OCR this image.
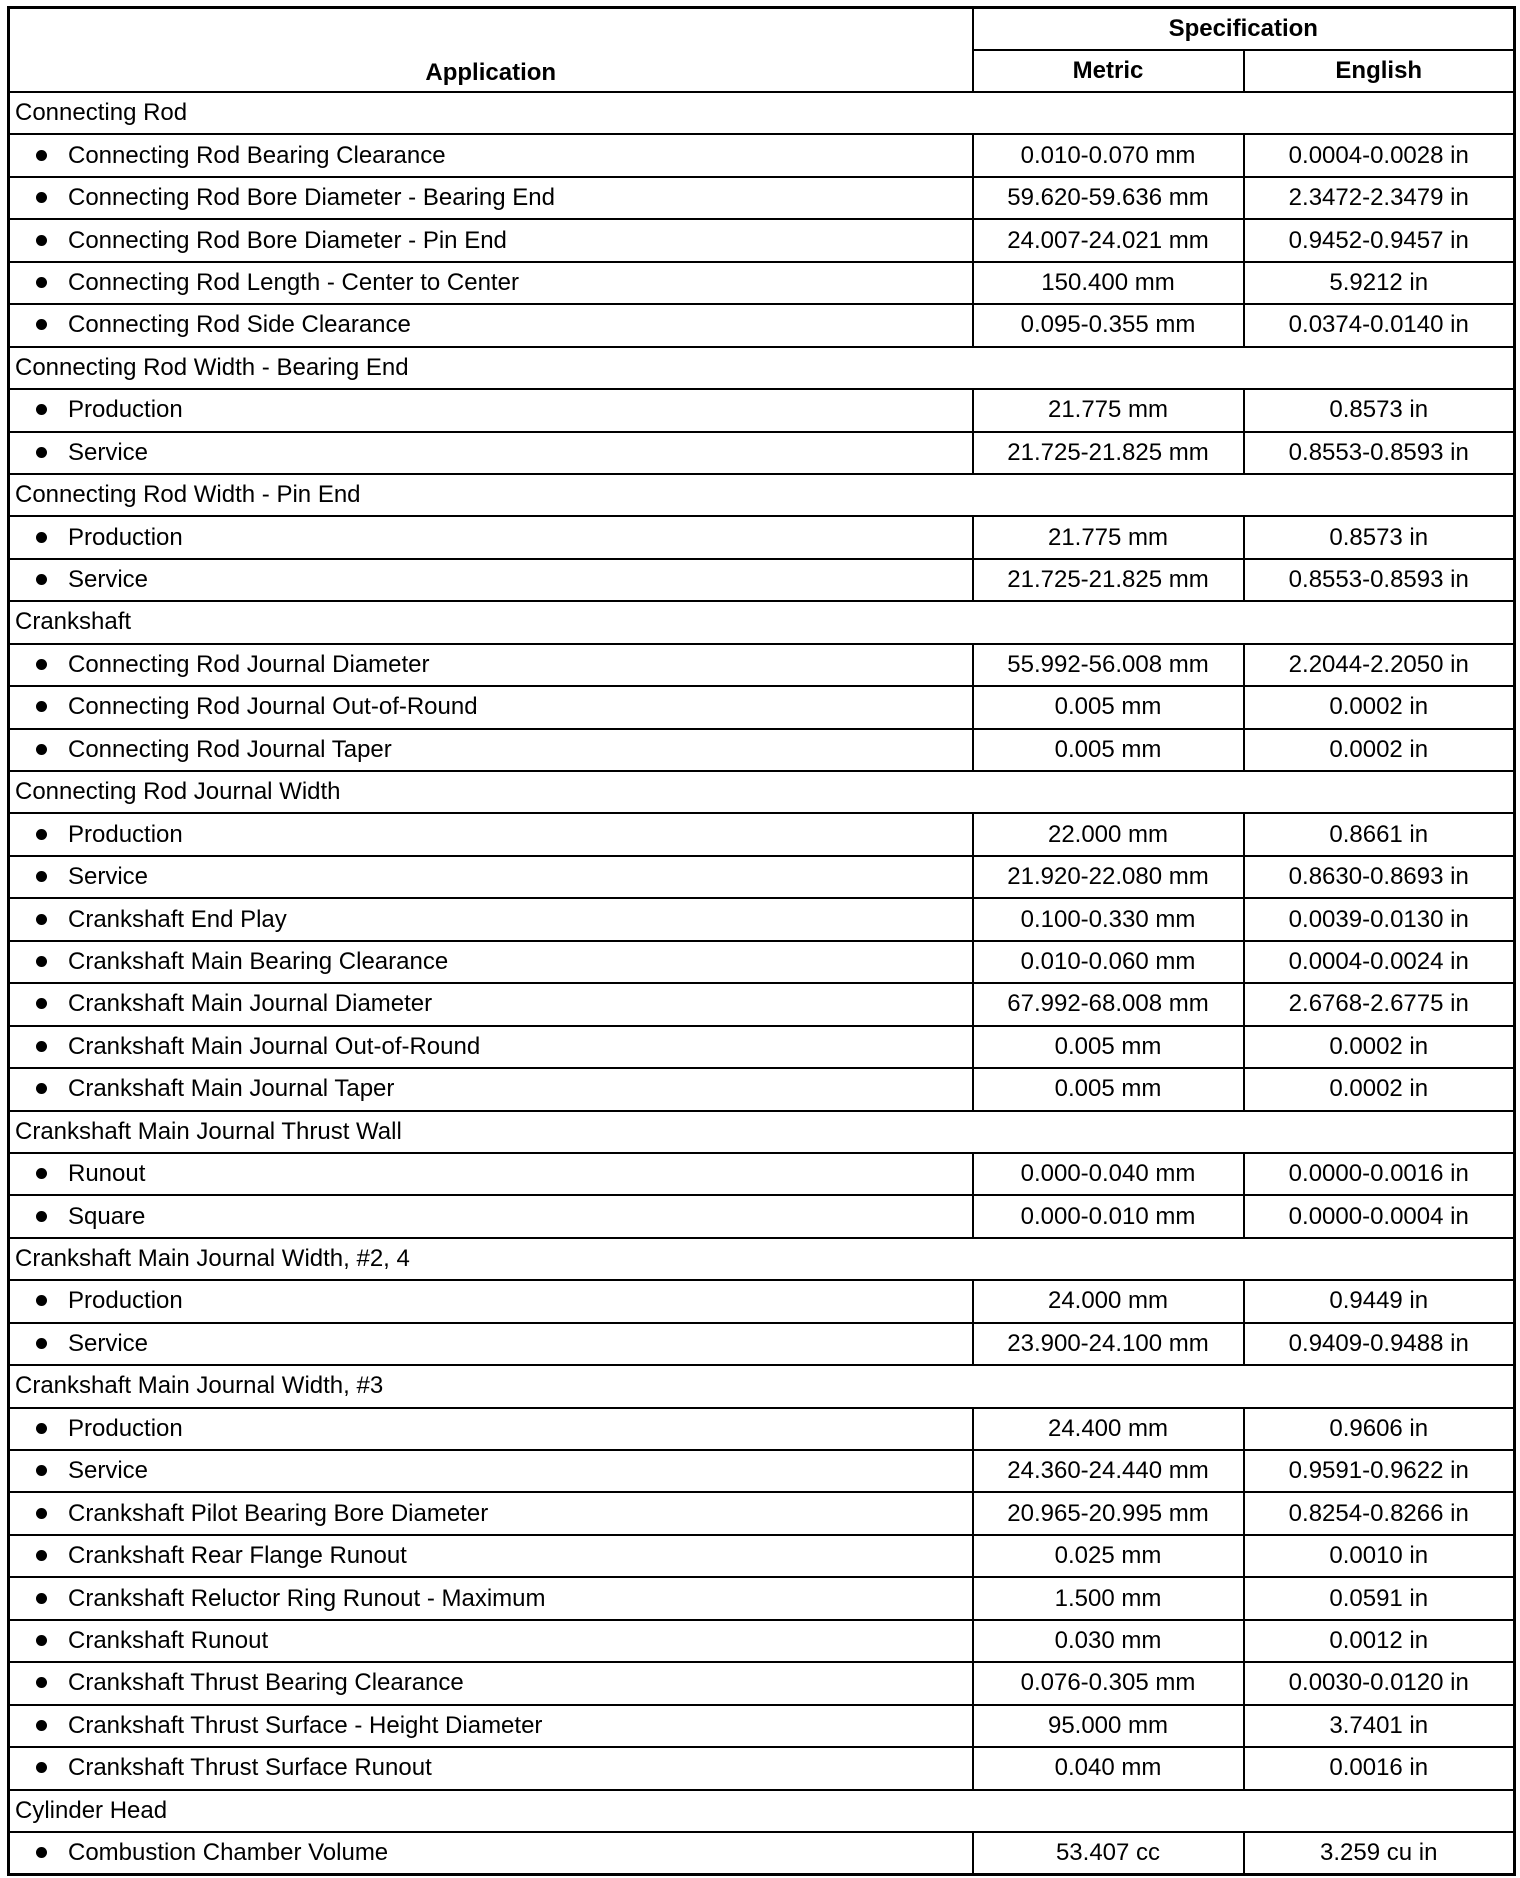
Application	Specification	
	Metric	English
Connecting Rod		
Connecting Rod Bearing Clearance	0.010-0.070 mm	0.0004-0.0028 in
Connecting Rod Bore Diameter - Bearing End	59.620-59.636 mm	2.3472-2.3479 in
Connecting Rod Bore Diameter - Pin End	24.007-24.021 mm	0.9452-0.9457 in
Connecting Rod Length - Center to Center	150.400 mm	5.9212 in
Connecting Rod Side Clearance	0.095-0.355 mm	0.0374-0.0140 in
Connecting Rod Width - Bearing End		
Production	21.775 mm	0.8573 in
Service	21.725-21.825 mm	0.8553-0.8593 in
Connecting Rod Width - Pin End		
Production	21.775 mm	0.8573 in
Service	21.725-21.825 mm	0.8553-0.8593 in
Crankshaft		
Connecting Rod Journal Diameter	55.992-56.008 mm	2.2044-2.2050 in
Connecting Rod Journal Out-of-Round	0.005 mm	0.0002 in
Connecting Rod Journal Taper	0.005 mm	0.0002 in
Connecting Rod Journal Width		
Production	22.000 mm	0.8661 in
Service	21.920-22.080 mm	0.8630-0.8693 in
Crankshaft End Play	0.100-0.330 mm	0.0039-0.0130 in
Crankshaft Main Bearing Clearance	0.010-0.060 mm	0.0004-0.0024 in
Crankshaft Main Journal Diameter	67.992-68.008 mm	2.6768-2.6775 in
Crankshaft Main Journal Out-of-Round	0.005 mm	0.0002 in
Crankshaft Main Journal Taper	0.005 mm	0.0002 in
Crankshaft Main Journal Thrust Wall		
Runout	0.000-0.040 mm	0.0000-0.0016 in
Square	0.000-0.010 mm	0.0000-0.0004 in
Crankshaft Main Journal Width, #2, 4		
Production	24.000 mm	0.9449 in
Service	23.900-24.100 mm	0.9409-0.9488 in
Crankshaft Main Journal Width, #3		
Production	24.400 mm	0.9606 in
Service	24.360-24.440 mm	0.9591-0.9622 in
Crankshaft Pilot Bearing Bore Diameter	20.965-20.995 mm	0.8254-0.8266 in
Crankshaft Rear Flange Runout	0.025 mm	0.0010 in
Crankshaft Reluctor Ring Runout - Maximum	1.500 mm	0.0591 in
Crankshaft Runout	0.030 mm	0.0012 in
Crankshaft Thrust Bearing Clearance	0.076-0.305 mm	0.0030-0.0120 in
Crankshaft Thrust Surface - Height Diameter	95.000 mm	3.7401 in
Crankshaft Thrust Surface Runout	0.040 mm	0.0016 in
Cylinder Head		
Combustion Chamber Volume	53.407 cc	3.259 cu in
